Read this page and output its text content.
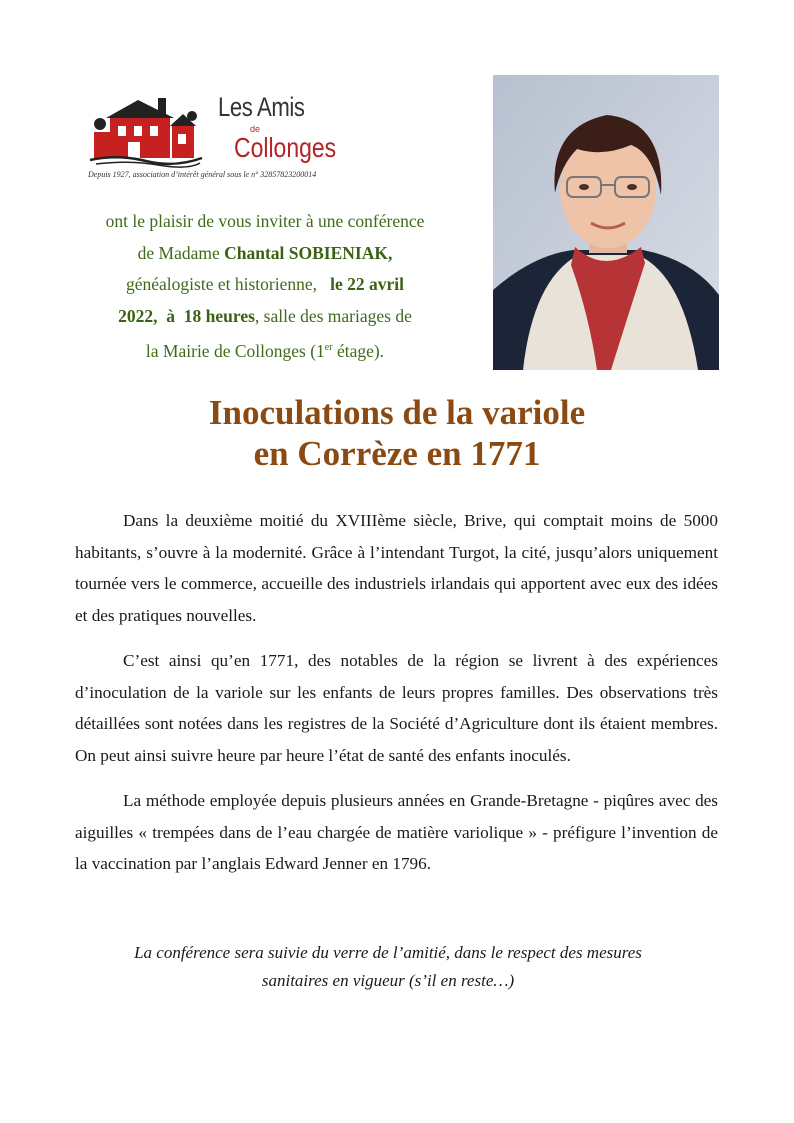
Les Amis
de
Collonges
Depuis 1927, association d’intérêt général sous le n° 32857823200014
ont le plaisir de vous inviter à une conférence
de Madame Chantal SOBIENIAK,
généalogiste et historienne, le 22 avril
2022, à 18 heures, salle des mariages de
la Mairie de Collonges (1er étage).
Inoculations de la variole
en Corrèze en 1771

Dans la deuxième moitié du XVIIIème siècle, Brive, qui comptait moins de 5000 habitants, s’ouvre à la modernité. Grâce à l’intendant Turgot, la cité, jusqu’alors uniquement tournée vers le commerce, accueille des industriels irlandais qui apportent avec eux des idées et des pratiques nouvelles.

C’est ainsi qu’en 1771, des notables de la région se livrent à des expériences d’inoculation de la variole sur les enfants de leurs propres familles. Des observations très détaillées sont notées dans les registres de la Société d’Agriculture dont ils étaient membres. On peut ainsi suivre heure par heure l’état de santé des enfants inoculés.

La méthode employée depuis plusieurs années en Grande-Bretagne - piqûres avec des aiguilles « trempées dans de l’eau chargée de matière variolique » - préfigure l’invention de la vaccination par l’anglais Edward Jenner en 1796.

La conférence sera suivie du verre de l’amitié, dans le respect des mesures
sanitaires en vigueur (s’il en reste…)
